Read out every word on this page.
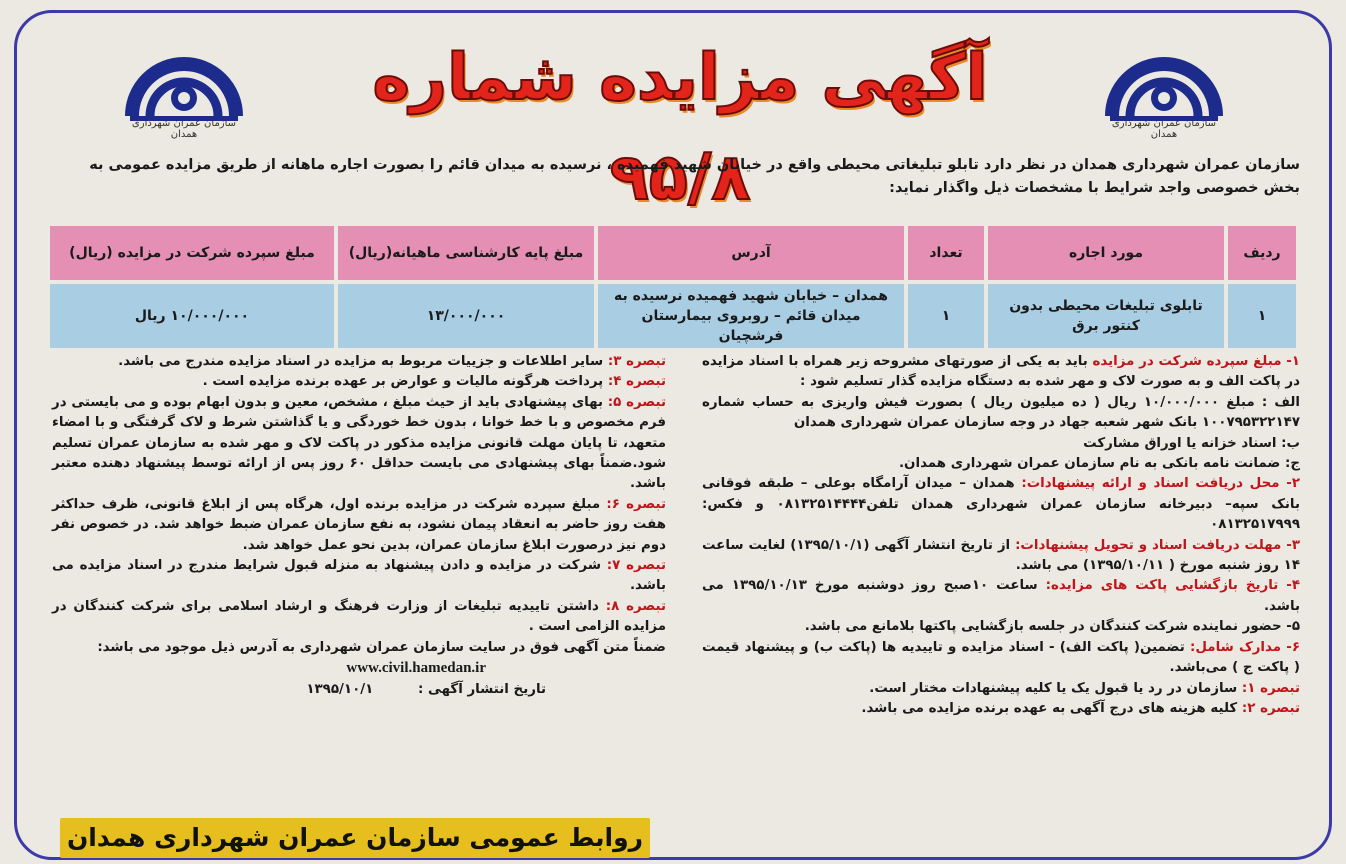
سازمان عمران شهرداری همدان
سازمان عمران شهرداری همدان
آگهی مزایده شماره ۹۵/۸
سازمان عمران شهرداری همدان در نظر دارد تابلو تبلیغاتی محیطی واقع در خیابان شهید فهمیده ، نرسیده به میدان قائم را بصورت اجاره ماهانه از طریق مزایده عمومی به بخش خصوصی واجد شرایط با مشخصات ذیل واگذار نماید:
ردیف	مورد اجاره	تعداد	آدرس	مبلغ پایه کارشناسی ماهیانه(ریال)	مبلغ سپرده شرکت در مزایده (ریال)
۱	تابلوی تبلیغات محیطی بدون کنتور برق	۱	همدان – خیابان شهید فهمیده نرسیده به میدان قائم – روبروی بیمارستان فرشچیان	۱۳/۰۰۰/۰۰۰	۱۰/۰۰۰/۰۰۰ ریال

۱- مبلغ سپرده شرکت در مزایده باید به یکی از صورتهای مشروحه زیر همراه با اسناد مزایده در پاکت الف و به صورت لاک و مهر شده به دستگاه مزایده گذار تسلیم شود :

الف : مبلغ ۱۰/۰۰۰/۰۰۰ ریال ( ده میلیون ریال ) بصورت فیش واریزی به حساب شماره ۱۰۰۷۹۵۳۲۲۱۴۷ بانک شهر شعبه جهاد در وجه سازمان عمران شهرداری همدان

ب: اسناد خزانه یا اوراق مشارکت

ج: ضمانت نامه بانکی به نام سازمان عمران شهرداری همدان.

۲- محل دریافت اسناد و ارائه پیشنهادات: همدان – میدان آرامگاه بوعلی – طبقه فوقانی بانک سپه– دبیرخانه سازمان عمران شهرداری همدان تلفن۰۸۱۳۲۵۱۴۴۴۴ و فکس: ۰۸۱۳۲۵۱۷۹۹۹

۳- مهلت دریافت اسناد و تحویل پیشنهادات: از تاریخ انتشار آگهی (۱۳۹۵/۱۰/۱) لغایت ساعت ۱۴ روز شنبه مورخ ( ۱۳۹۵/۱۰/۱۱) می باشد.

۴- تاریخ بازگشایی پاکت های مزایده: ساعت ۱۰صبح روز دوشنبه مورخ ۱۳۹۵/۱۰/۱۳ می باشد.

۵- حضور نماینده شرکت کنندگان در جلسه بازگشایی پاکتها بلامانع می باشد.

۶- مدارک شامل: تضمین( پاکت الف) - اسناد مزایده و تاییدیه ها (پاکت ب) و پیشنهاد قیمت ( پاکت ج ) می‌باشد.

تبصره ۱: سازمان در رد یا قبول یک یا کلیه پیشنهادات مختار است.

تبصره ۲: کلیه هزینه های درج آگهی به عهده برنده مزایده می باشد.

تبصره ۳: سایر اطلاعات و جزییات مربوط به مزایده در اسناد مزایده مندرج می باشد.

تبصره ۴: پرداخت هرگونه مالیات و عوارض بر عهده برنده مزایده است .

تبصره ۵: بهای پیشنهادی باید از حیث مبلغ ، مشخص، معین و بدون ابهام بوده و می بایستی در فرم مخصوص و با خط خوانا ، بدون خط خوردگی و یا گذاشتن شرط و لاک گرفتگی و با امضاء متعهد، تا پایان مهلت قانونی مزایده مذکور در پاکت لاک و مهر شده به سازمان عمران تسلیم شود.ضمناً بهای پیشنهادی می بایست حداقل ۶۰ روز پس از ارائه توسط پیشنهاد دهنده معتبر باشد.

تبصره ۶: مبلغ سپرده شرکت در مزایده برنده اول، هرگاه پس از ابلاغ قانونی، ظرف حداکثر هفت روز حاضر به انعقاد پیمان نشود، به نفع سازمان عمران ضبط خواهد شد. در خصوص نفر دوم نیز درصورت ابلاغ سازمان عمران، بدین نحو عمل خواهد شد.

تبصره ۷: شرکت در مزایده و دادن پیشنهاد به منزله قبول شرایط مندرج در اسناد مزایده می باشد.

تبصره ۸: داشتن تاییدیه تبلیغات از وزارت فرهنگ و ارشاد اسلامی برای شرکت کنندگان در مزایده الزامی است .

ضمناً متن آگهی فوق در سایت سازمان عمران شهرداری به آدرس ذیل موجود می باشد:

www.civil.hamedan.ir

تاریخ انتشار آگهی : ۱۳۹۵/۱۰/۱

روابط عمومی سازمان عمران شهرداری همدان
